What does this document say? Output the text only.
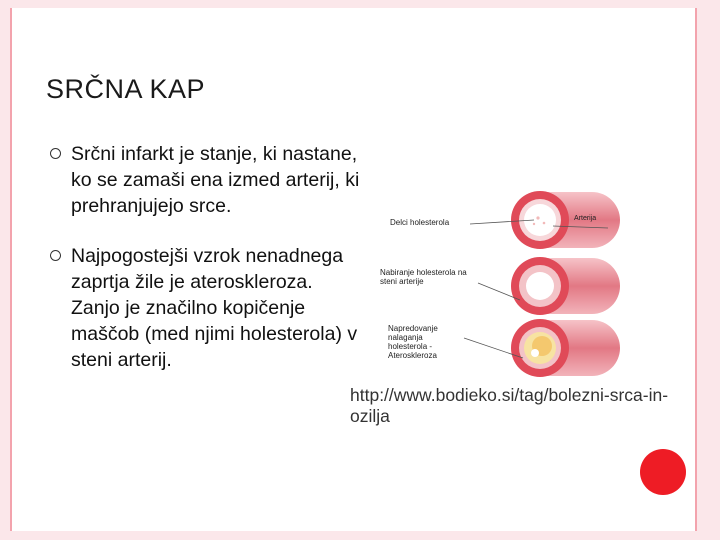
SRČNA KAP
Srčni infarkt je stanje, ki nastane, ko se zamaši ena izmed arterij, ki prehranjujejo srce.
Najpogostejši vzrok nenadnega zaprtja žile je ateroskleroza. Zanjo je značilno kopičenje maščob (med njimi holesterola) v steni arterij.
Delci holesterola	Arterija
Nabiranje holesterola na steni arterije
Napredovanje nalaganja holesterola - Ateroskleroza
http://www.bodieko.si/tag/bolezni-srca-in-ozilja
